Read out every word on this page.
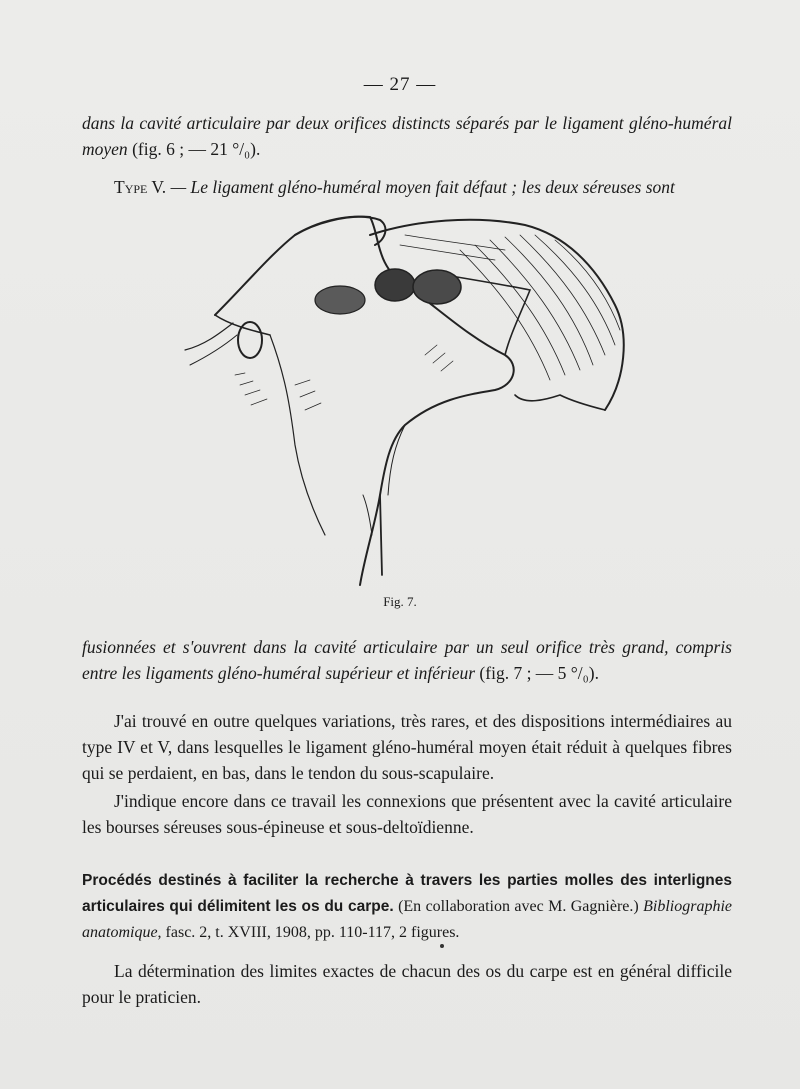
— 27 —

dans la cavité articulaire par deux orifices distincts séparés par le ligament gléno-huméral moyen (fig. 6 ; — 21 °/₀).

Type V. — Le ligament gléno-huméral moyen fait défaut ; les deux séreuses sont

Fig. 7.

fusionnées et s'ouvrent dans la cavité articulaire par un seul orifice très grand, compris entre les ligaments gléno-huméral supérieur et inférieur (fig. 7 ; — 5 °/₀).

J'ai trouvé en outre quelques variations, très rares, et des dispositions intermédiaires au type IV et V, dans lesquelles le ligament gléno-huméral moyen était réduit à quelques fibres qui se perdaient, en bas, dans le tendon du sous-scapulaire.

J'indique encore dans ce travail les connexions que présentent avec la cavité articulaire les bourses séreuses sous-épineuse et sous-deltoïdienne.

Procédés destinés à faciliter la recherche à travers les parties molles des interlignes articulaires qui délimitent les os du carpe. (En collaboration avec M. Gagnière.) Bibliographie anatomique, fasc. 2, t. XVIII, 1908, pp. 110-117, 2 figures.

La détermination des limites exactes de chacun des os du carpe est en général difficile pour le praticien.
